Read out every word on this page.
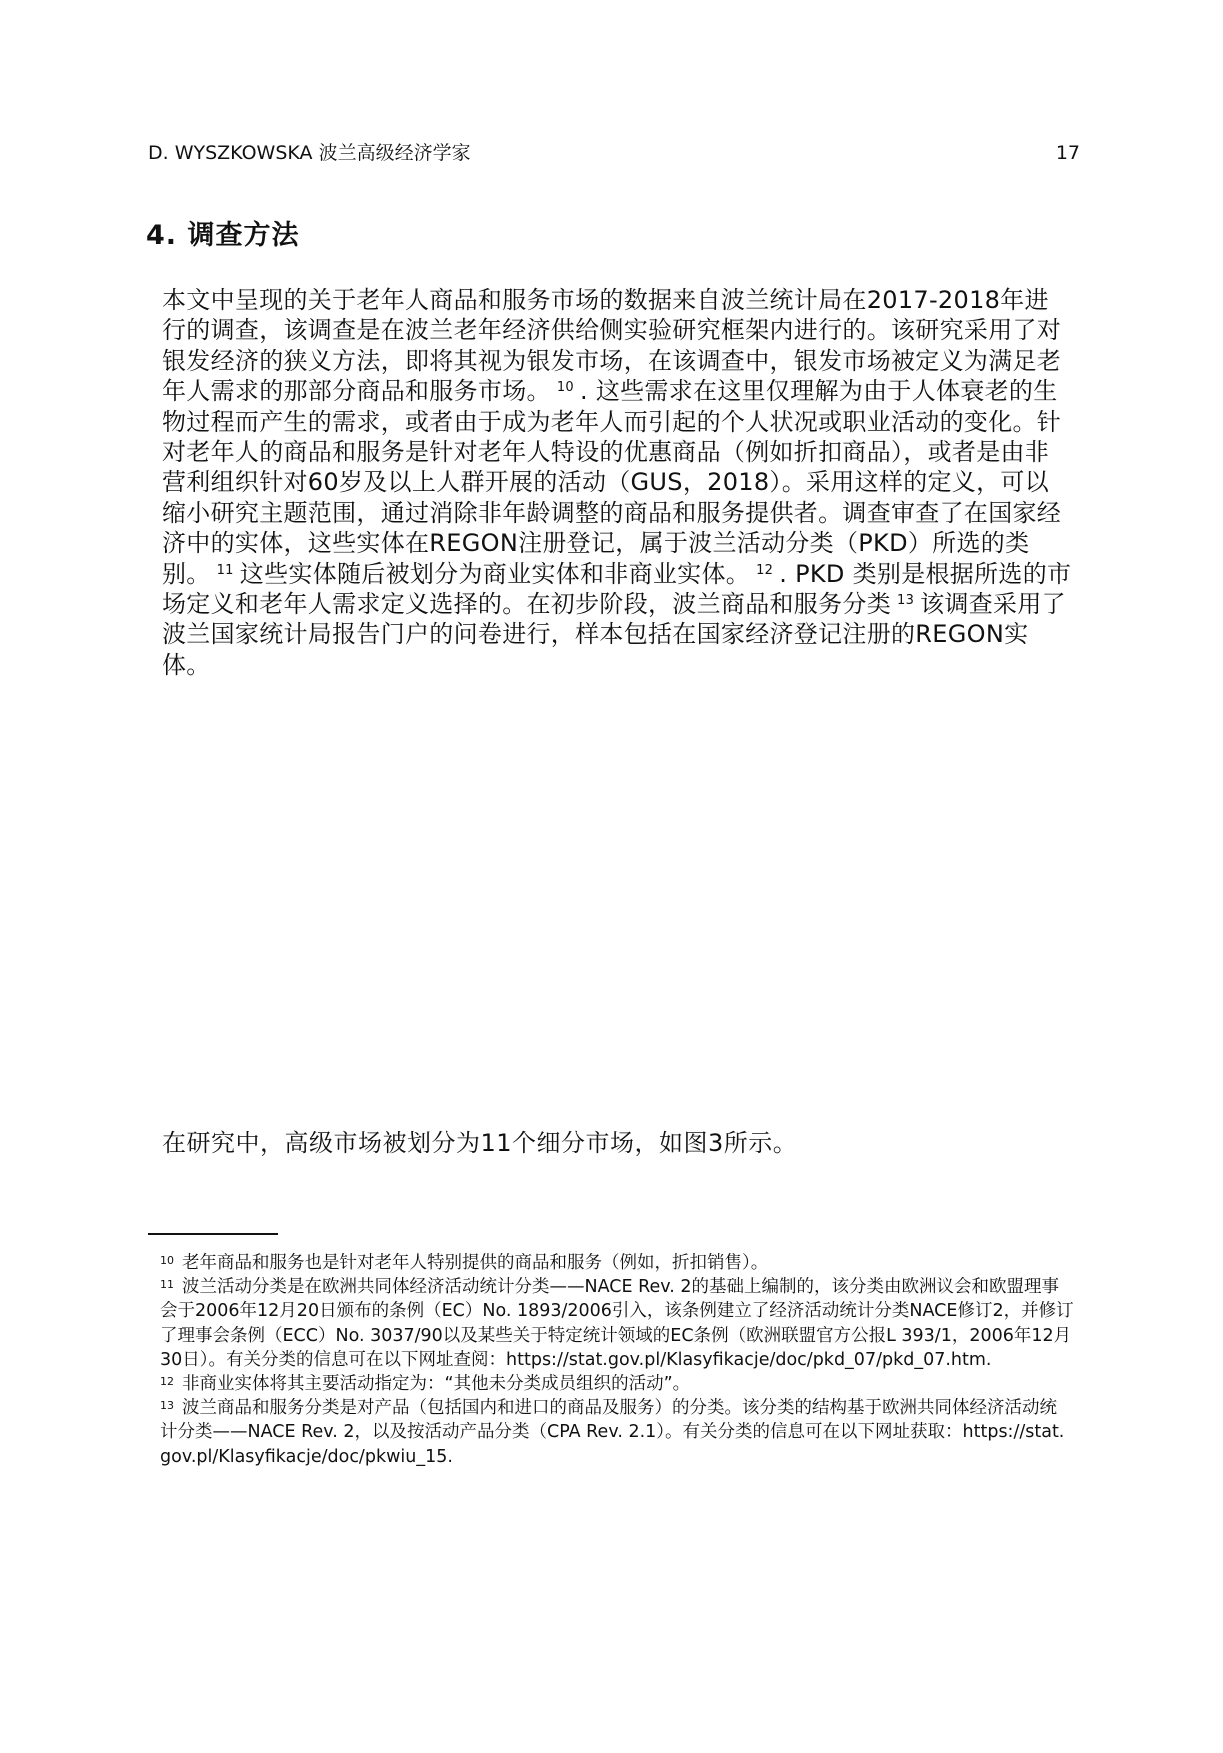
D. WYSZKOWSKA 波兰高级经济学家	17
4. 调查方法

本文中呈现的关于老年人商品和服务市场的数据来自波兰统计局在2017-2018年进行的调查，该调查是在波兰老年经济供给侧实验研究框架内进行的。该研究采用了对银发经济的狭义方法，即将其视为银发市场，在该调查中，银发市场被定义为满足老年人需求的那部分商品和服务市场。 $^{10}$ . 这些需求在这里仅理解为由于人体衰老的生物过程而产生的需求，或者由于成为老年人而引起的个人状况或职业活动的变化。针对老年人的商品和服务是针对老年人特设的优惠商品（例如折扣商品），或者是由非营利组织针对60岁及以上人群开展的活动（GUS，2018）。采用这样的定义，可以缩小研究主题范围，通过消除非年龄调整的商品和服务提供者。调查审查了在国家经济中的实体，这些实体在REGON注册登记，属于波兰活动分类（PKD）所选的类别。 $^{11}$ 这些实体随后被划分为商业实体和非商业实体。 $^{12}$ . PKD 类别是根据所选的市场定义和老年人需求定义选择的。在初步阶段，波兰商品和服务分类 $^{13}$ 该调查采用了波兰国家统计局报告门户的问卷进行，样本包括在国家经济登记注册的REGON实体。

在研究中，高级市场被划分为11个细分市场，如图3所示。

$^{10}$ 老年商品和服务也是针对老年人特别提供的商品和服务（例如，折扣销售）。
$^{11}$ 波兰活动分类是在欧洲共同体经济活动统计分类——NACE Rev. 2的基础上编制的，该分类由欧洲议会和欧盟理事会于2006年12月20日颁布的条例（EC）No. 1893/2006引入，该条例建立了经济活动统计分类NACE修订2，并修订了理事会条例（ECC）No. 3037/90以及某些关于特定统计领域的EC条例（欧洲联盟官方公报L 393/1，2006年12月30日）。有关分类的信息可在以下网址查阅：https://stat.gov.pl/Klasyfikacje/doc/pkd_07/pkd_07.htm.
$^{12}$ 非商业实体将其主要活动指定为：“其他未分类成员组织的活动”。
$^{13}$ 波兰商品和服务分类是对产品（包括国内和进口的商品及服务）的分类。该分类的结构基于欧洲共同体经济活动统计分类——NACE Rev. 2，以及按活动产品分类（CPA Rev. 2.1）。有关分类的信息可在以下网址获取：https://stat.gov.pl/Klasyfikacje/doc/pkwiu_15.
